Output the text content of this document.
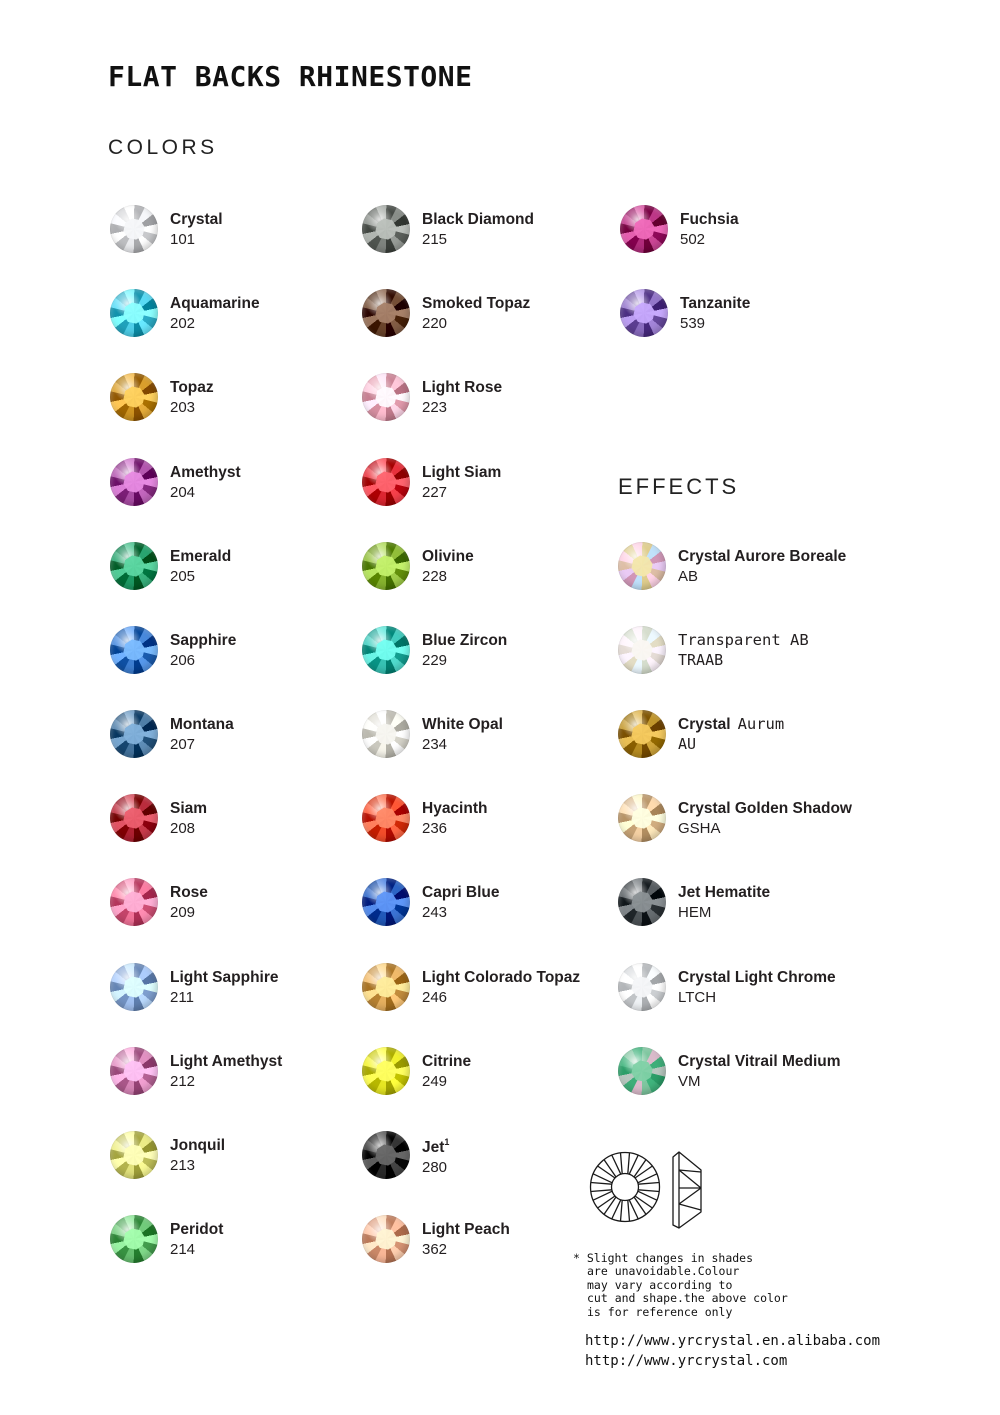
FLAT BACKS RHINESTONE
COLORS
EFFECTS
Crystal
101
Aquamarine
202
Topaz
203
Amethyst
204
Emerald
205
Sapphire
206
Montana
207
Siam
208
Rose
209
Light Sapphire
211
Light Amethyst
212
Jonquil
213
Peridot
214
Black Diamond
215
Smoked Topaz
220
Light Rose
223
Light Siam
227
Olivine
228
Blue Zircon
229
White Opal
234
Hyacinth
236
Capri Blue
243
Light Colorado Topaz
246
Citrine
249
Jet$^1$
280
Light Peach
362
Fuchsia
502
Tanzanite
539
Crystal Aurore Boreale
AB
Transparent AB
TRAAB
Crystal Aurum
AU
Crystal Golden Shadow
GSHA
Jet Hematite
HEM
Crystal Light Chrome
LTCH
Crystal Vitrail Medium
VM
* Slight changes in shades
are unavoidable.Colour
may vary according to
cut and shape.the above color
is for reference only
http://www.yrcrystal.en.alibaba.com
http://www.yrcrystal.com
